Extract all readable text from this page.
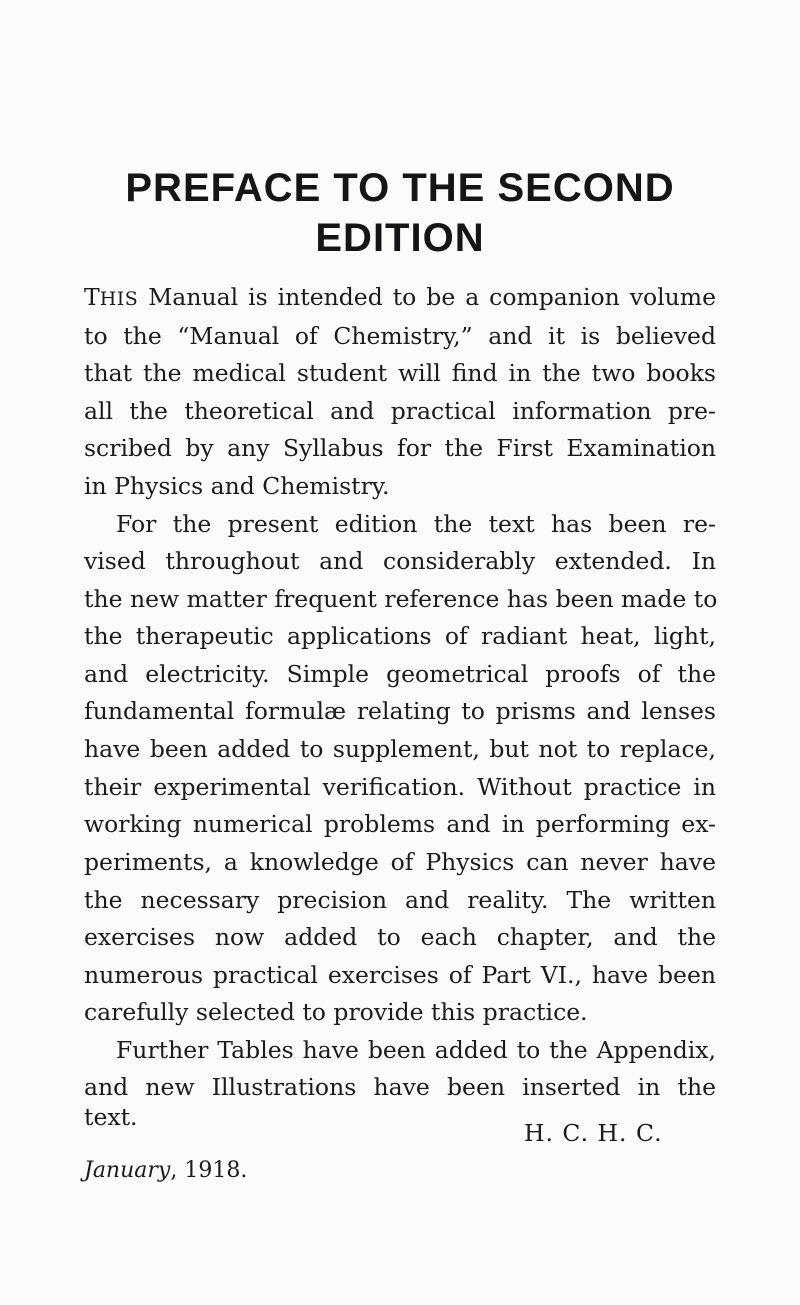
PREFACE TO THE SECOND
EDITION
THIS Manual is intended to be a companion volume
to the “Manual of Chemistry,” and it is believed
that the medical student will find in the two books
all the theoretical and practical information pre-
scribed by any Syllabus for the First Examination
in Physics and Chemistry.
For the present edition the text has been re-
vised throughout and considerably extended. In
the new matter frequent reference has been made to
the therapeutic applications of radiant heat, light,
and electricity. Simple geometrical proofs of the
fundamental formulæ relating to prisms and lenses
have been added to supplement, but not to replace,
their experimental verification. Without practice in
working numerical problems and in performing ex-
periments, a knowledge of Physics can never have
the necessary precision and reality. The written
exercises now added to each chapter, and the
numerous practical exercises of Part VI., have been
carefully selected to provide this practice.
Further Tables have been added to the Appendix,
and new Illustrations have been inserted in the
text.
H. C. H. C.
January, 1918.
